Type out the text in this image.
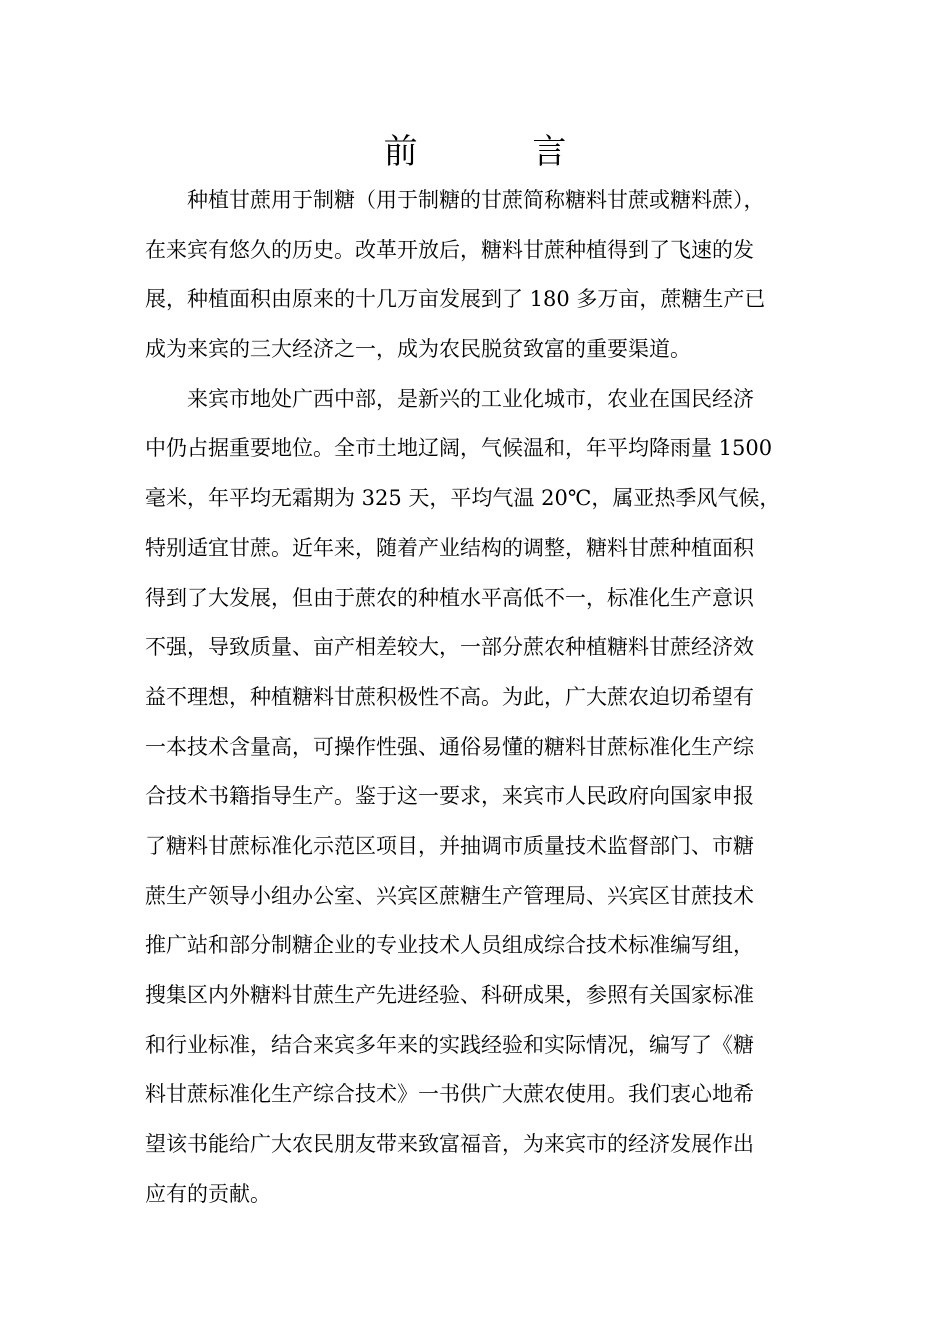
前 言
　　种植甘蔗用于制糖（用于制糖的甘蔗简称糖料甘蔗或糖料蔗），
在来宾有悠久的历史。改革开放后，糖料甘蔗种植得到了飞速的发
展，种植面积由原来的十几万亩发展到了 180 多万亩，蔗糖生产已
成为来宾的三大经济之一，成为农民脱贫致富的重要渠道。
　　来宾市地处广西中部，是新兴的工业化城市，农业在国民经济
中仍占据重要地位。全市土地辽阔，气候温和，年平均降雨量 1500
毫米，年平均无霜期为 325 天，平均气温 20℃，属亚热季风气候，
特别适宜甘蔗。近年来，随着产业结构的调整，糖料甘蔗种植面积
得到了大发展，但由于蔗农的种植水平高低不一，标准化生产意识
不强，导致质量、亩产相差较大，一部分蔗农种植糖料甘蔗经济效
益不理想，种植糖料甘蔗积极性不高。为此，广大蔗农迫切希望有
一本技术含量高，可操作性强、通俗易懂的糖料甘蔗标准化生产综
合技术书籍指导生产。鉴于这一要求，来宾市人民政府向国家申报
了糖料甘蔗标准化示范区项目，并抽调市质量技术监督部门、市糖
蔗生产领导小组办公室、兴宾区蔗糖生产管理局、兴宾区甘蔗技术
推广站和部分制糖企业的专业技术人员组成综合技术标准编写组，
搜集区内外糖料甘蔗生产先进经验、科研成果，参照有关国家标准
和行业标准，结合来宾多年来的实践经验和实际情况，编写了《糖
料甘蔗标准化生产综合技术》一书供广大蔗农使用。我们衷心地希
望该书能给广大农民朋友带来致富福音，为来宾市的经济发展作出
应有的贡献。
